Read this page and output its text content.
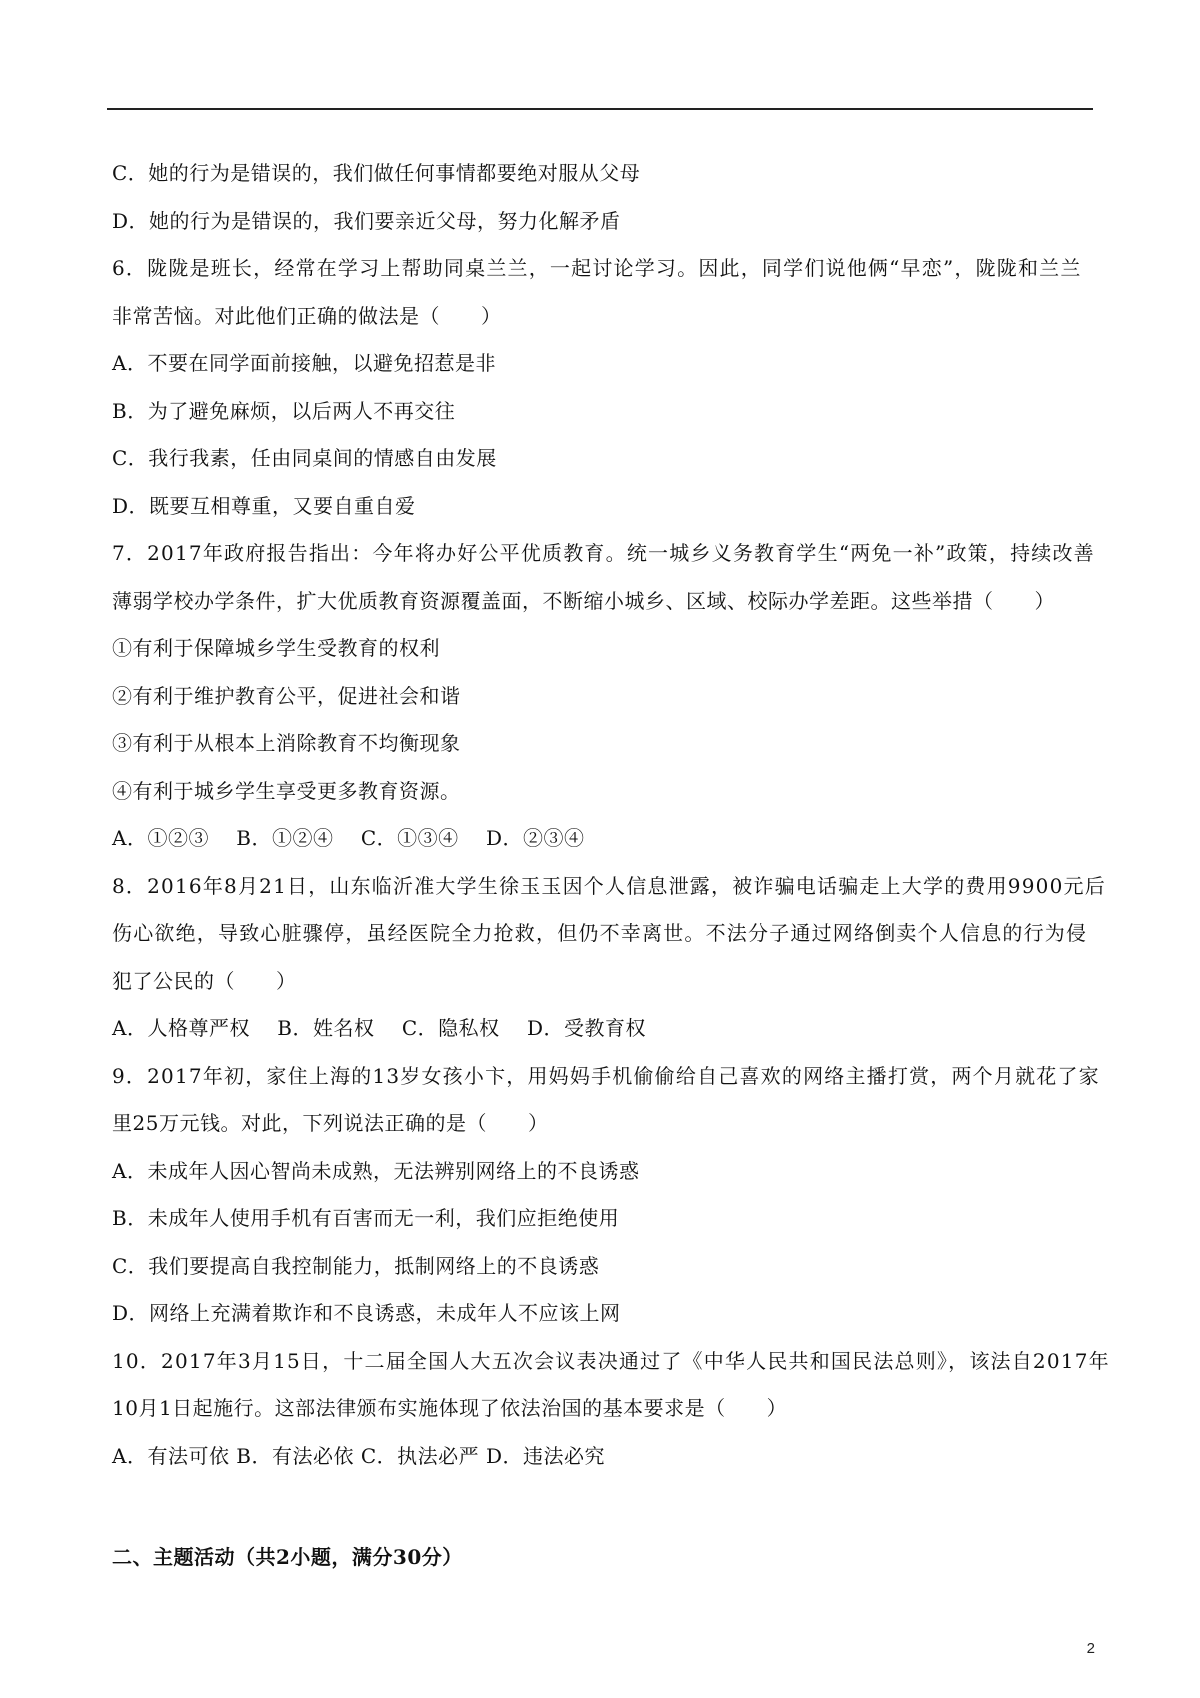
C．她的行为是错误的，我们做任何事情都要绝对服从父母
D．她的行为是错误的，我们要亲近父母，努力化解矛盾
6．陇陇是班长，经常在学习上帮助同桌兰兰，一起讨论学习。因此，同学们说他俩“早恋”，陇陇和兰兰
非常苦恼。对此他们正确的做法是（　　）
A．不要在同学面前接触，以避免招惹是非
B．为了避免麻烦，以后两人不再交往
C．我行我素，任由同桌间的情感自由发展
D．既要互相尊重，又要自重自爱
7．2017年政府报告指出：今年将办好公平优质教育。统一城乡义务教育学生“两免一补”政策，持续改善
薄弱学校办学条件，扩大优质教育资源覆盖面，不断缩小城乡、区域、校际办学差距。这些举措（　　）
①有利于保障城乡学生受教育的权利
②有利于维护教育公平，促进社会和谐
③有利于从根本上消除教育不均衡现象
④有利于城乡学生享受更多教育资源。
A．①②③　 B．①②④　 C．①③④　 D．②③④
8．2016年8月21日，山东临沂准大学生徐玉玉因个人信息泄露，被诈骗电话骗走上大学的费用9900元后
伤心欲绝，导致心脏骤停，虽经医院全力抢救，但仍不幸离世。不法分子通过网络倒卖个人信息的行为侵
犯了公民的（　　）
A．人格尊严权　 B．姓名权　 C．隐私权　 D．受教育权
9．2017年初，家住上海的13岁女孩小卞，用妈妈手机偷偷给自己喜欢的网络主播打赏，两个月就花了家
里25万元钱。对此，下列说法正确的是（　　）
A．未成年人因心智尚未成熟，无法辨别网络上的不良诱惑
B．未成年人使用手机有百害而无一利，我们应拒绝使用
C．我们要提高自我控制能力，抵制网络上的不良诱惑
D．网络上充满着欺诈和不良诱惑，未成年人不应该上网
10．2017年3月15日，十二届全国人大五次会议表决通过了《中华人民共和国民法总则》，该法自2017年
10月1日起施行。这部法律颁布实施体现了依法治国的基本要求是（　　）
A．有法可依 B．有法必依 C．执法必严 D．违法必究
二、主题活动（共2小题，满分30分）
2
